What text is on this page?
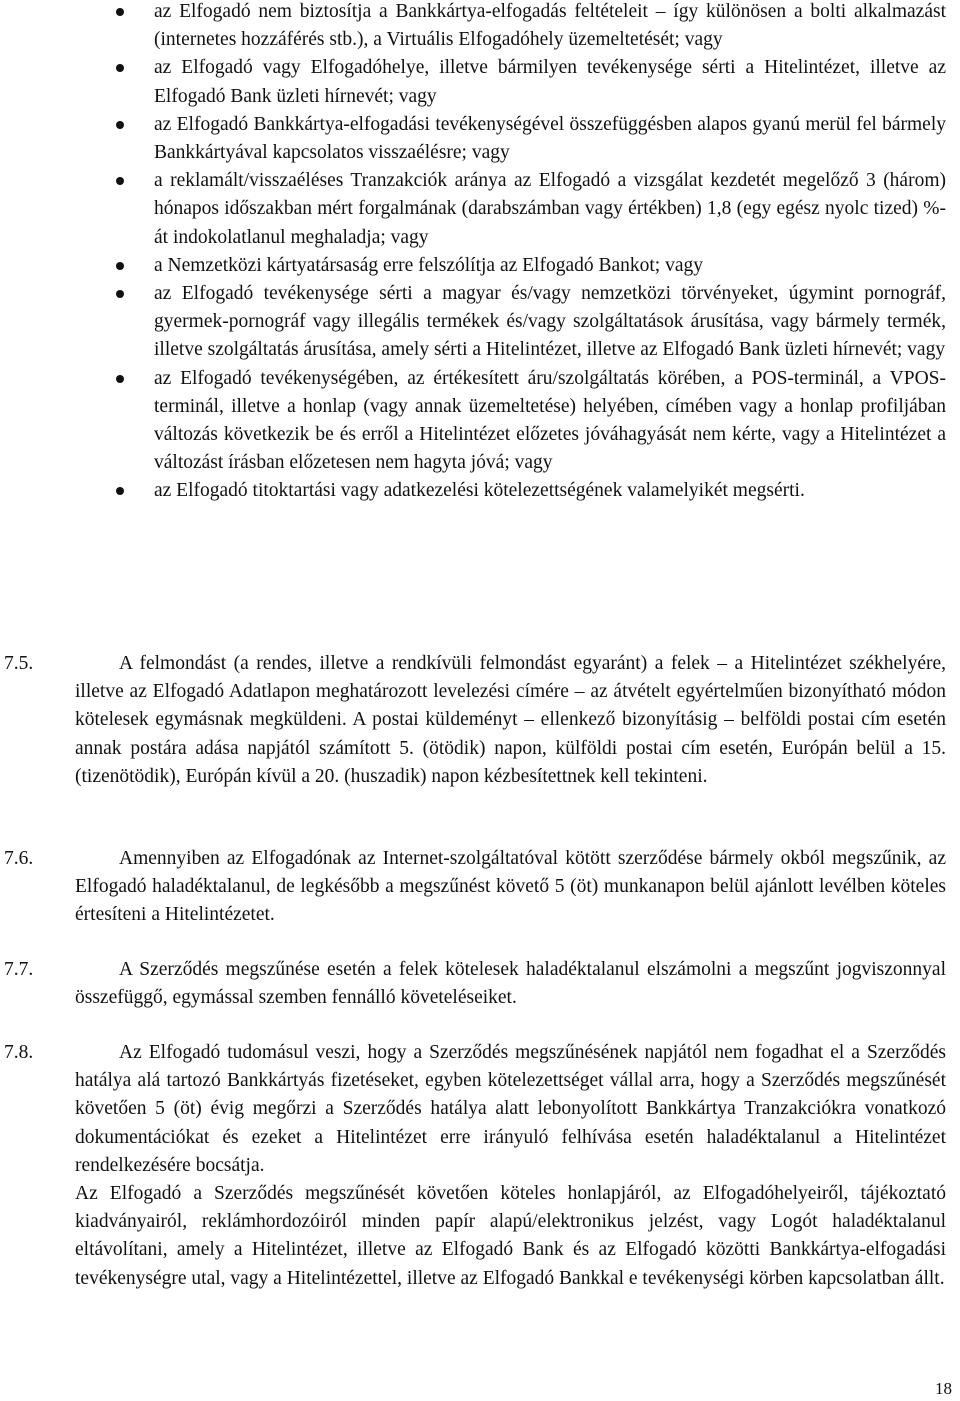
az Elfogadó nem biztosítja a Bankkártya-elfogadás feltételeit – így különösen a bolti alkalmazást (internetes hozzáférés stb.), a Virtuális Elfogadóhely üzemeltetését; vagy
az Elfogadó vagy Elfogadóhelye, illetve bármilyen tevékenysége sérti a Hitelintézet, illetve az Elfogadó Bank üzleti hírnevét; vagy
az Elfogadó Bankkártya-elfogadási tevékenységével összefüggésben alapos gyanú merül fel bármely Bankkártyával kapcsolatos visszaélésre; vagy
a reklamált/visszaéléses Tranzakciók aránya az Elfogadó a vizsgálat kezdetét megelőző 3 (három) hónapos időszakban mért forgalmának (darabszámban vagy értékben) 1,8 (egy egész nyolc tized) %-át indokolatlanul meghaladja; vagy
a Nemzetközi kártyatársaság erre felszólítja az Elfogadó Bankot; vagy
az Elfogadó tevékenysége sérti a magyar és/vagy nemzetközi törvényeket, úgymint pornográf, gyermek-pornográf vagy illegális termékek és/vagy szolgáltatások árusítása, vagy bármely termék, illetve szolgáltatás árusítása, amely sérti a Hitelintézet, illetve az Elfogadó Bank üzleti hírnevét; vagy
az Elfogadó tevékenységében, az értékesített áru/szolgáltatás körében, a POS-terminál, a VPOS-terminál, illetve a honlap (vagy annak üzemeltetése) helyében, címében vagy a honlap profiljában változás következik be és erről a Hitelintézet előzetes jóváhagyását nem kérte, vagy a Hitelintézet a változást írásban előzetesen nem hagyta jóvá; vagy
az Elfogadó titoktartási vagy adatkezelési kötelezettségének valamelyikét megsérti.
7.5.	A felmondást (a rendes, illetve a rendkívüli felmondást egyaránt) a felek – a Hitelintézet székhelyére, illetve az Elfogadó Adatlapon meghatározott levelezési címére – az átvételt egyértelműen bizonyítható módon kötelesek egymásnak megküldeni. A postai küldeményt – ellenkező bizonyításig – belföldi postai cím esetén annak postára adása napjától számított 5. (ötödik) napon, külföldi postai cím esetén, Európán belül a 15. (tizenötödik), Európán kívül a 20. (huszadik) napon kézbesítettnek kell tekinteni.

7.6.	Amennyiben az Elfogadónak az Internet-szolgáltatóval kötött szerződése bármely okból megszűnik, az Elfogadó haladéktalanul, de legkésőbb a megszűnést követő 5 (öt) munkanapon belül ajánlott levélben köteles értesíteni a Hitelintézetet.

7.7.	A Szerződés megszűnése esetén a felek kötelesek haladéktalanul elszámolni a megszűnt jogviszonnyal összefüggő, egymással szemben fennálló követeléseiket.

7.8.	Az Elfogadó tudomásul veszi, hogy a Szerződés megszűnésének napjától nem fogadhat el a Szerződés hatálya alá tartozó Bankkártyás fizetéseket, egyben kötelezettséget vállal arra, hogy a Szerződés megszűnését követően 5 (öt) évig megőrzi a Szerződés hatálya alatt lebonyolított Bankkártya Tranzakciókra vonatkozó dokumentációkat és ezeket a Hitelintézet erre irányuló felhívása esetén haladéktalanul a Hitelintézet rendelkezésére bocsátja.

Az Elfogadó a Szerződés megszűnését követően köteles honlapjáról, az Elfogadóhelyeiről, tájékoztató kiadványairól, reklámhordozóiról minden papír alapú/elektronikus jelzést, vagy Logót haladéktalanul eltávolítani, amely a Hitelintézet, illetve az Elfogadó Bank és az Elfogadó közötti Bankkártya-elfogadási tevékenységre utal, vagy a Hitelintézettel, illetve az Elfogadó Bankkal e tevékenységi körben kapcsolatban állt.

18
